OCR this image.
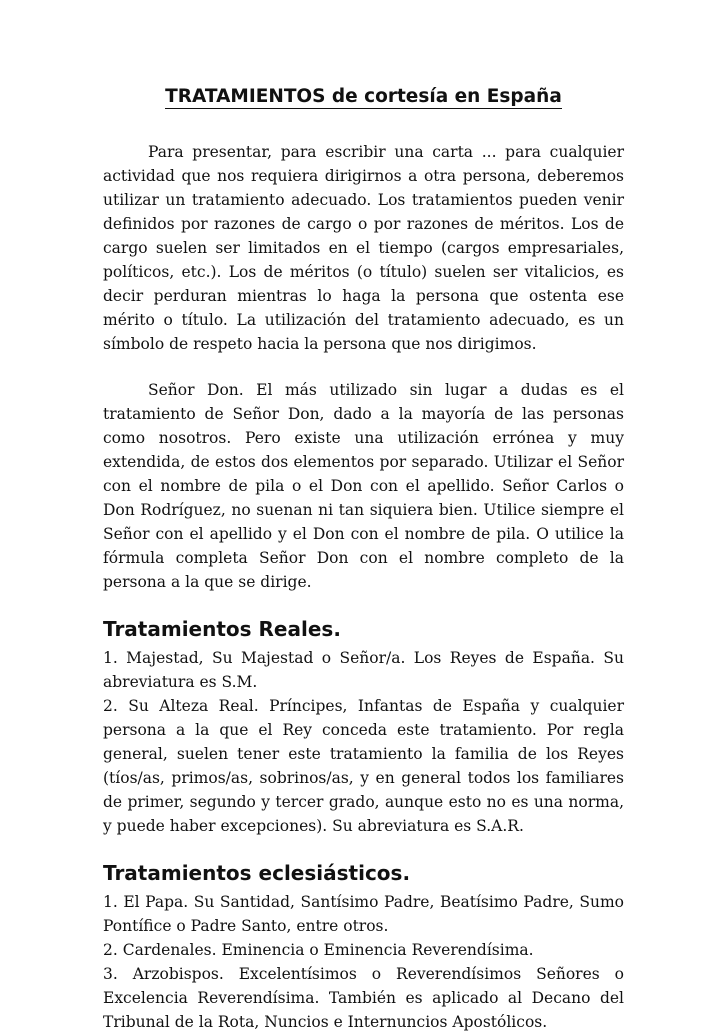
TRATAMIENTOS de cortesía en España

Para presentar, para escribir una carta ... para cualquier actividad que nos requiera dirigirnos a otra persona, deberemos utilizar un tratamiento adecuado. Los tratamientos pueden venir definidos por razones de cargo o por razones de méritos. Los de cargo suelen ser limitados en el tiempo (cargos empresariales, políticos, etc.). Los de méritos (o título) suelen ser vitalicios, es decir perduran mientras lo haga la persona que ostenta ese mérito o título. La utilización del tratamiento adecuado, es un símbolo de respeto hacia la persona que nos dirigimos.

Señor Don. El más utilizado sin lugar a dudas es el tratamiento de Señor Don, dado a la mayoría de las personas como nosotros. Pero existe una utilización errónea y muy extendida, de estos dos elementos por separado. Utilizar el Señor con el nombre de pila o el Don con el apellido. Señor Carlos o Don Rodríguez, no suenan ni tan siquiera bien. Utilice siempre el Señor con el apellido y el Don con el nombre de pila. O utilice la fórmula completa Señor Don con el nombre completo de la persona a la que se dirige.

Tratamientos Reales.

1. Majestad, Su Majestad o Señor/a. Los Reyes de España. Su abreviatura es S.M.

2. Su Alteza Real. Príncipes, Infantas de España y cualquier persona a la que el Rey conceda este tratamiento. Por regla general, suelen tener este tratamiento la familia de los Reyes (tíos/as, primos/as, sobrinos/as, y en general todos los familiares de primer, segundo y tercer grado, aunque esto no es una norma, y puede haber excepciones). Su abreviatura es S.A.R.

Tratamientos eclesiásticos.

1. El Papa. Su Santidad, Santísimo Padre, Beatísimo Padre, Sumo Pontífice o Padre Santo, entre otros.

2. Cardenales. Eminencia o Eminencia Reverendísima.

3. Arzobispos. Excelentísimos o Reverendísimos Señores o Excelencia Reverendísima. También es aplicado al Decano del Tribunal de la Rota, Nuncios e Internuncios Apostólicos.
